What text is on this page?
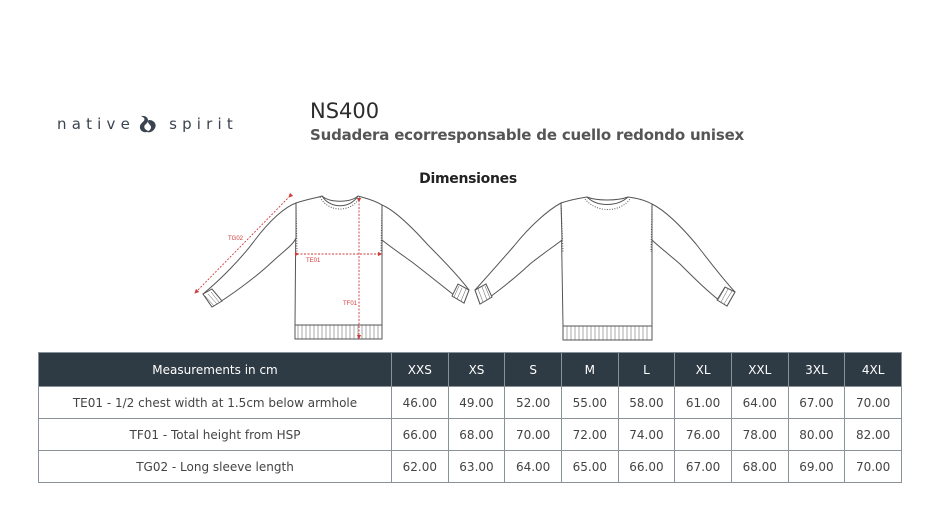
native spirit
NS400
Sudadera ecorresponsable de cuello redondo unisex
Dimensiones
TG02
TE01
TF01
Measurements in cm	XXS	XS	S	M	L	XL	XXL	3XL	4XL
TE01 - 1/2 chest width at 1.5cm below armhole	46.00	49.00	52.00	55.00	58.00	61.00	64.00	67.00	70.00
TF01 - Total height from HSP	66.00	68.00	70.00	72.00	74.00	76.00	78.00	80.00	82.00
TG02 - Long sleeve length	62.00	63.00	64.00	65.00	66.00	67.00	68.00	69.00	70.00
